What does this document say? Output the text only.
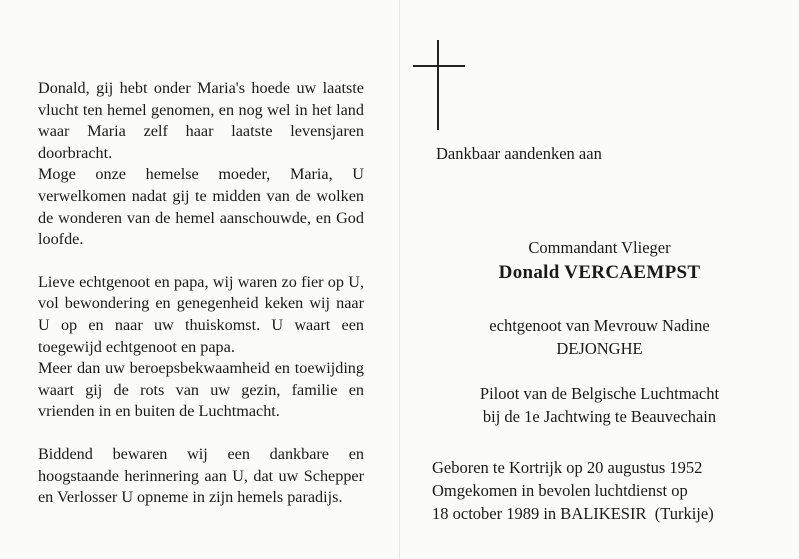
Donald, gij hebt onder Maria's hoede uw laatste vlucht ten hemel genomen, en nog wel in het land waar Maria zelf haar laatste levensjaren doorbracht.

Moge onze hemelse moeder, Maria, U verwelkomen nadat gij te midden van de wolken de wonderen van de hemel aanschouwde, en God loofde.

Lieve echtgenoot en papa, wij waren zo fier op U, vol bewondering en genegenheid keken wij naar U op en naar uw thuiskomst. U waart een toegewijd echtgenoot en papa.

Meer dan uw beroepsbekwaamheid en toewijding waart gij de rots van uw gezin, familie en vrienden in en buiten de Luchtmacht.

Biddend bewaren wij een dankbare en hoogstaande herinnering aan U, dat uw Schepper en Verlosser U opneme in zijn hemels paradijs.

Dankbaar aandenken aan
Commandant Vlieger
Donald VERCAEMPST
echtgenoot van Mevrouw Nadine
DEJONGHE
Piloot van de Belgische Luchtmacht
bij de 1e Jachtwing te Beauvechain
Geboren te Kortrijk op 20 augustus 1952
Omgekomen in bevolen luchtdienst op
18 october 1989 in BALIKESIR  (Turkije)
